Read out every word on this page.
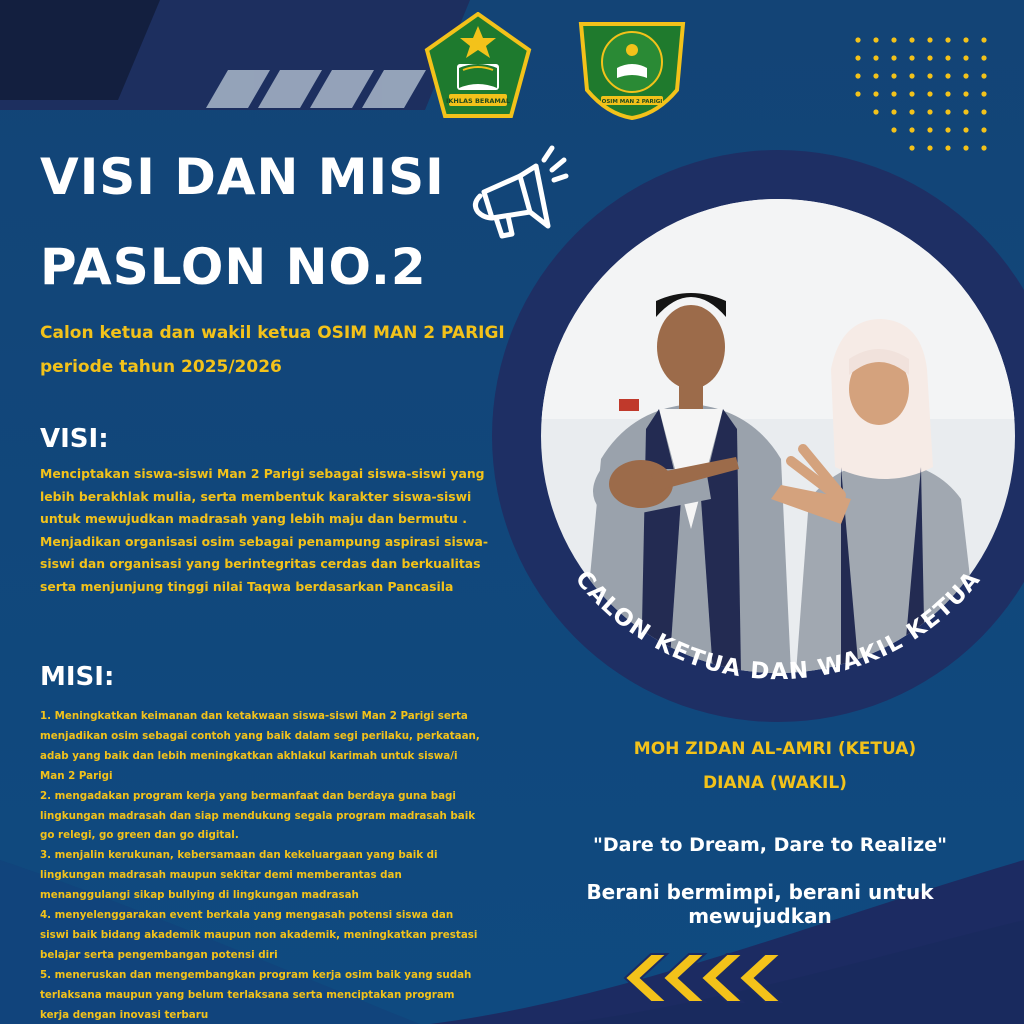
IKHLAS BERAMAL	OSIM MAN 2 PARIGI
VISI DAN MISI
PASLON NO.2
Calon ketua dan wakil ketua OSIM MAN 2 PARIGI periode tahun 2025/2026
VISI:
Menciptakan siswa-siswi Man 2 Parigi sebagai siswa-siswi yang lebih berakhlak mulia, serta membentuk karakter siswa-siswi untuk mewujudkan madrasah yang lebih maju dan bermutu . Menjadikan organisasi osim sebagai penampung aspirasi siswa-siswi dan organisasi yang berintegritas cerdas dan berkualitas serta menjunjung tinggi nilai Taqwa berdasarkan Pancasila
MISI:

1. Meningkatkan keimanan dan ketakwaan siswa-siswi Man 2 Parigi serta menjadikan osim sebagai contoh yang baik dalam segi perilaku, perkataan, adab yang baik dan lebih meningkatkan akhlakul karimah untuk siswa/i Man 2 Parigi

2. mengadakan program kerja yang bermanfaat dan berdaya guna bagi lingkungan madrasah dan siap mendukung segala program madrasah baik go relegi, go green dan go digital.

3. menjalin kerukunan, kebersamaan dan kekeluargaan yang baik di lingkungan madrasah maupun sekitar demi memberantas dan menanggulangi sikap bullying di lingkungan madrasah

4. menyelenggarakan event berkala yang mengasah potensi siswa dan siswi baik bidang akademik maupun non akademik, meningkatkan prestasi belajar serta pengembangan potensi diri

5. meneruskan dan mengembangkan program kerja osim baik yang sudah terlaksana maupun yang belum terlaksana serta menciptakan program kerja dengan inovasi terbaru

CALON KETUA DAN WAKIL KETUA
MOH ZIDAN AL-AMRI (KETUA)
DIANA (WAKIL)
"Dare to Dream, Dare to Realize"
Berani bermimpi, berani untuk mewujudkan
